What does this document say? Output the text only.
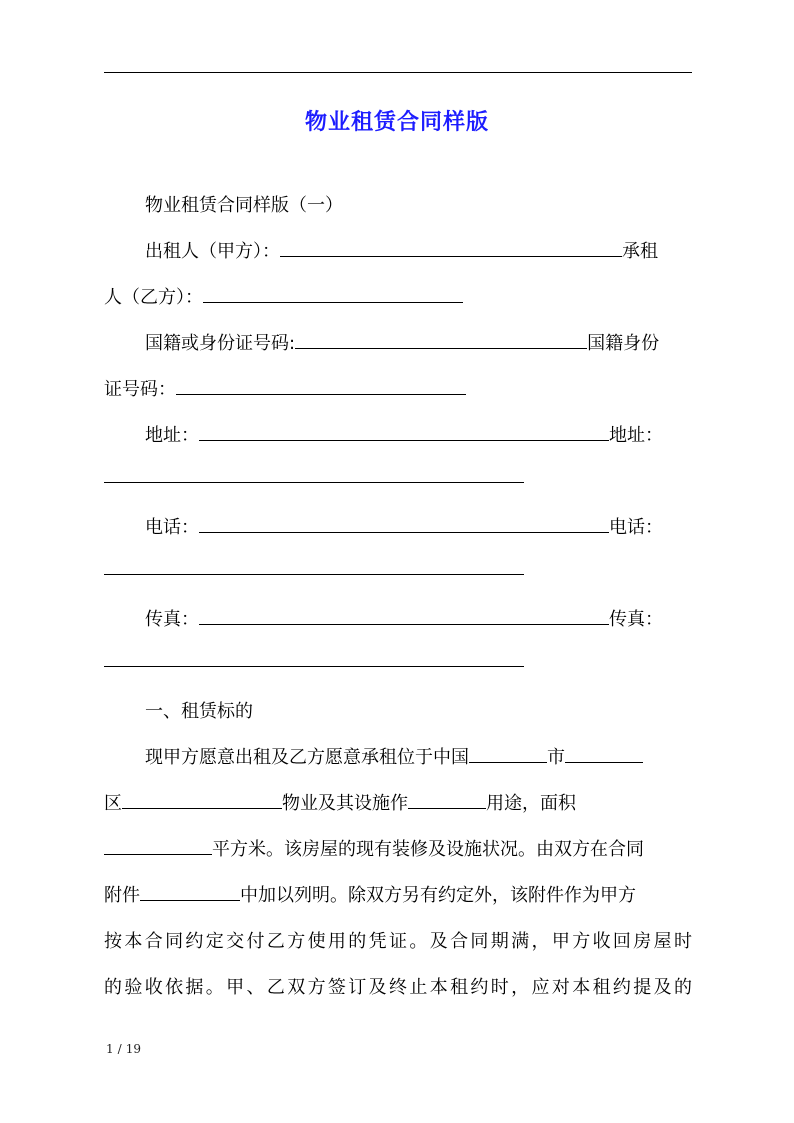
物业租赁合同样版
物业租赁合同样版（一）
出租人（甲方）：	承租
人（乙方）：
国籍或身份证号码:	国籍身份
证号码：
地址：	地址：
电话：	电话：
传真：	传真：
一、租赁标的
现甲方愿意出租及乙方愿意承租位于中国	市
区	物业及其设施作	用途，面积
平方米。该房屋的现有装修及设施状况。由双方在合同
附件	中加以列明。除双方另有约定外，该附件作为甲方
按本合同约定交付乙方使用的凭证。及合同期满，甲方收回房屋时
的验收依据。甲、乙双方签订及终止本租约时，应对本租约提及的
1 / 19
